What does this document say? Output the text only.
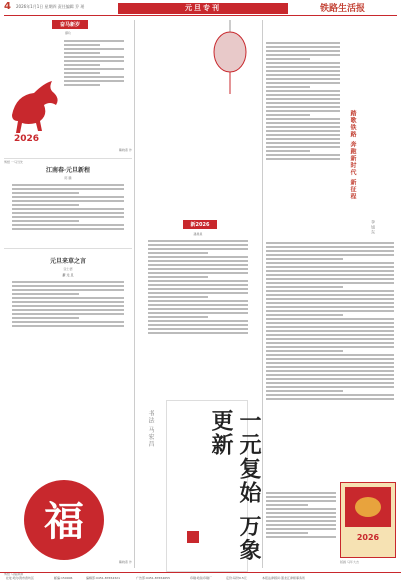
4 2026年1月1日 星期四 责任编辑 乔 瑶	元旦专刊	铁路生活报
奋马新岁
缪玖
2026
剪纸 一马当先
鞠晓燕 作
江南春·元旦新程
陈 鹏
元旦来草之言
张仁德
新 元 旦
福
剪纸 马福满满
鞠晓燕 作
新2026
潘晨星
一元复始 万象更新
书法 马宏昌
踏歌铁路 奔跑新时代 新征程
李旭东
2026
版画 马年大吉
社址:哈尔滨市香坊区	邮编:150006	编辑部:0451-87654321	广告部:0451-87654655	印刷:哈铁印刷厂	定价:每份0.5元	本报法律顾问:黑龙江律师事务所
